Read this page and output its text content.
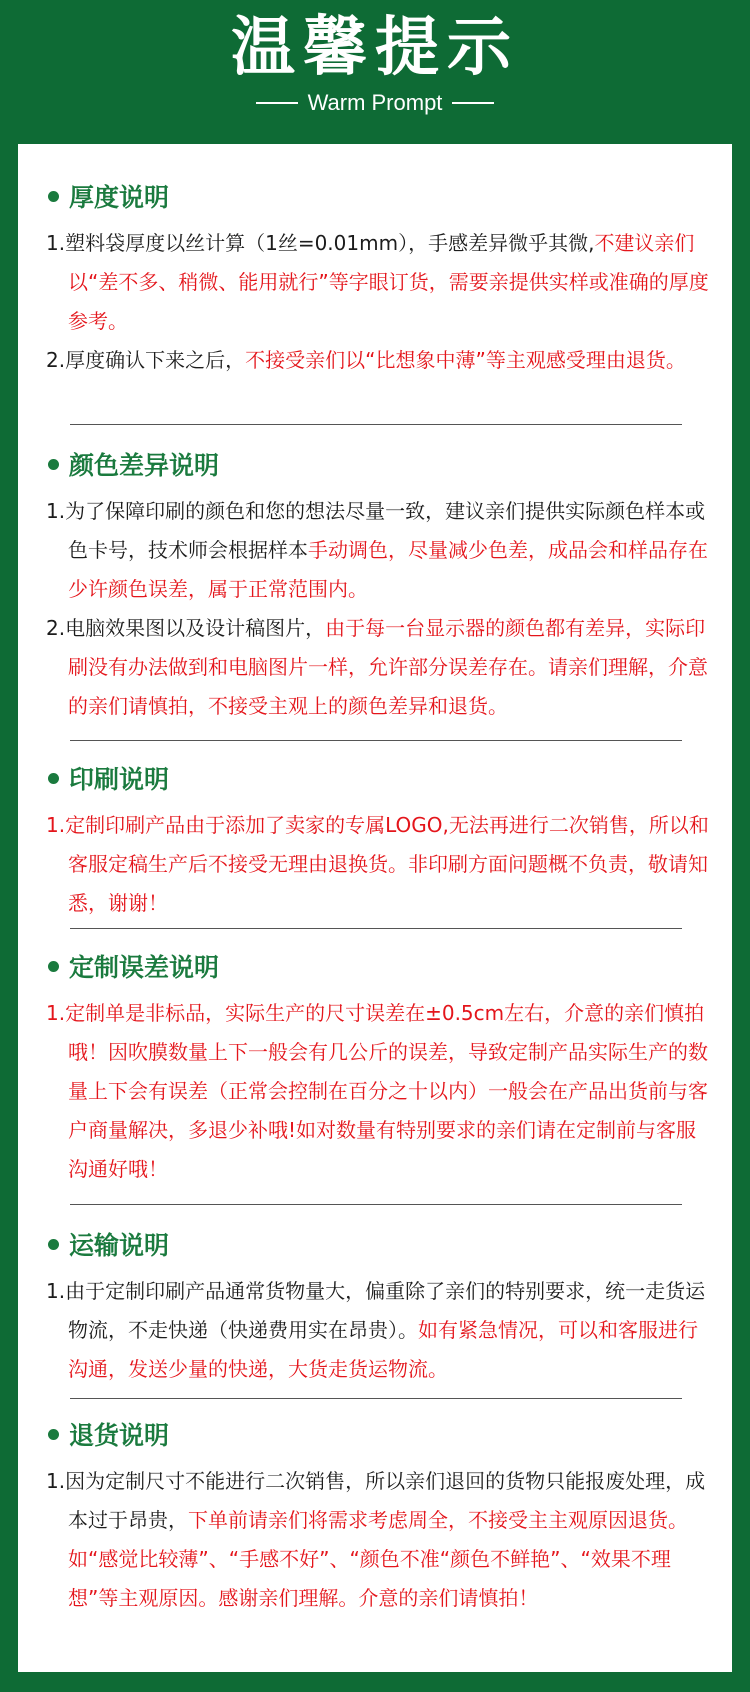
温馨提示
Warm Prompt
厚度说明
1.塑料袋厚度以丝计算（1丝=0.01mm），手感差异微乎其微,不建议亲们以“差不多、稍微、能用就行”等字眼订货，需要亲提供实样或准确的厚度参考。
2.厚度确认下来之后，不接受亲们以“比想象中薄”等主观感受理由退货。
颜色差异说明
1.为了保障印刷的颜色和您的想法尽量一致，建议亲们提供实际颜色样本或色卡号，技术师会根据样本手动调色，尽量减少色差，成品会和样品存在少许颜色误差，属于正常范围内。
2.电脑效果图以及设计稿图片，由于每一台显示器的颜色都有差异，实际印刷没有办法做到和电脑图片一样，允许部分误差存在。请亲们理解，介意的亲们请慎拍，不接受主观上的颜色差异和退货。
印刷说明
1.定制印刷产品由于添加了卖家的专属LOGO,无法再进行二次销售，所以和客服定稿生产后不接受无理由退换货。非印刷方面问题概不负责，敬请知悉，谢谢！
定制误差说明
1.定制单是非标品，实际生产的尺寸误差在±0.5cm左右，介意的亲们慎拍哦！因吹膜数量上下一般会有几公斤的误差，导致定制产品实际生产的数量上下会有误差（正常会控制在百分之十以内）一般会在产品出货前与客户商量解决，多退少补哦!如对数量有特别要求的亲们请在定制前与客服沟通好哦！
运输说明
1.由于定制印刷产品通常货物量大，偏重除了亲们的特别要求，统一走货运物流，不走快递（快递费用实在昂贵）。如有紧急情况，可以和客服进行沟通，发送少量的快递，大货走货运物流。
退货说明
1.因为定制尺寸不能进行二次销售，所以亲们退回的货物只能报废处理，成本过于昂贵，下单前请亲们将需求考虑周全，不接受主主观原因退货。如“感觉比较薄”、“手感不好”、“颜色不准“颜色不鲜艳”、“效果不理想”等主观原因。感谢亲们理解。介意的亲们请慎拍！
